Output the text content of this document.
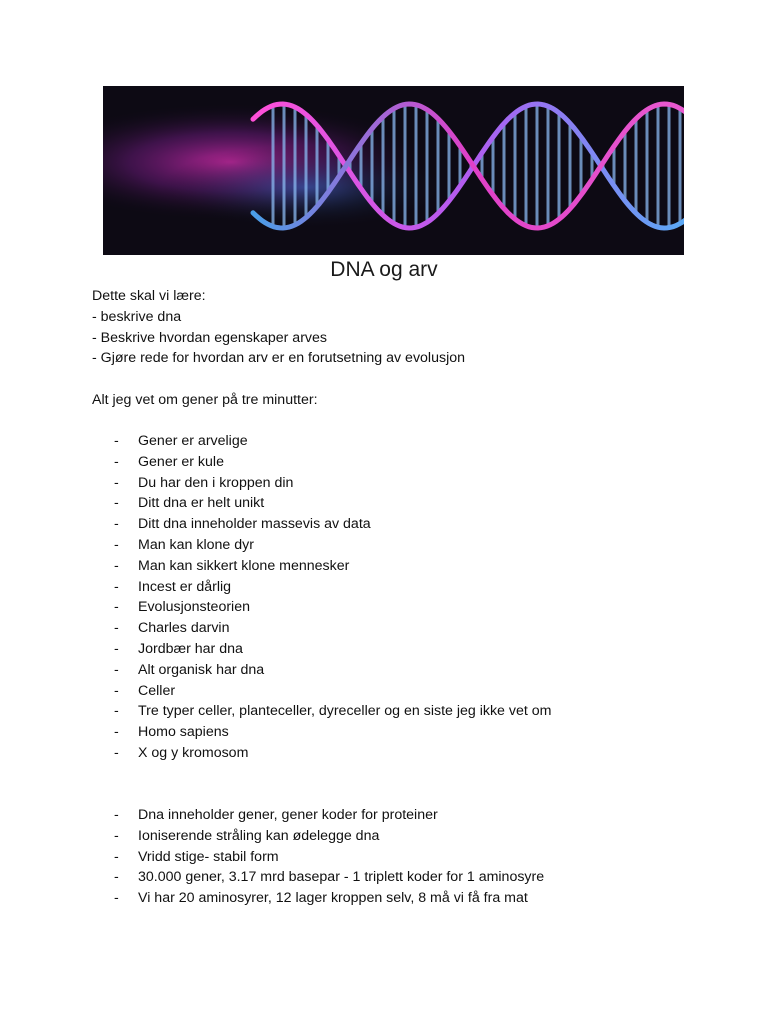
DNA og arv

Dette skal vi lære:

- beskrive dna

- Beskrive hvordan egenskaper arves

- Gjøre rede for hvordan arv er en forutsetning av evolusjon

Alt jeg vet om gener på tre minutter:

- Gener er arvelige
- Gener er kule
- Du har den i kroppen din
- Ditt dna er helt unikt
- Ditt dna inneholder massevis av data
- Man kan klone dyr
- Man kan sikkert klone mennesker
- Incest er dårlig
- Evolusjonsteorien
- Charles darvin
- Jordbær har dna
- Alt organisk har dna
- Celler
- Tre typer celler, planteceller, dyreceller og en siste jeg ikke vet om
- Homo sapiens
- X og y kromosom
- Dna inneholder gener, gener koder for proteiner
- Ioniserende stråling kan ødelegge dna
- Vridd stige- stabil form
- 30.000 gener, 3.17 mrd basepar - 1 triplett koder for 1 aminosyre
- Vi har 20 aminosyrer, 12 lager kroppen selv, 8 må vi få fra mat
